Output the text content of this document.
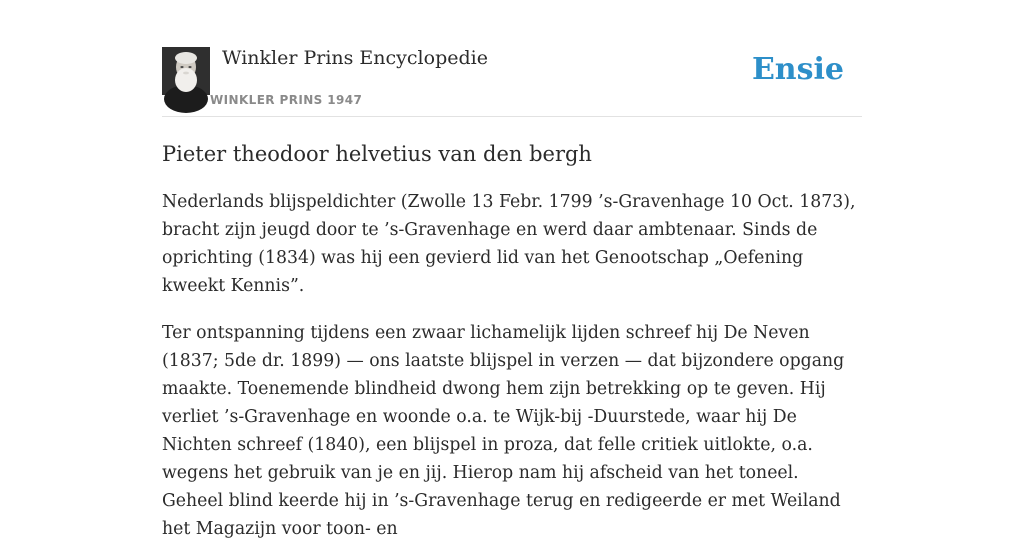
Winkler Prins Encyclopedie
WINKLER PRINS 1947
Ensie
Pieter theodoor helvetius van den bergh

Nederlands blijspeldichter (Zwolle 13 Febr. 1799 ’s-Gravenhage 10 Oct. 1873), bracht zijn jeugd door te ’s-Gravenhage en werd daar ambtenaar. Sinds de oprichting (1834) was hij een gevierd lid van het Genootschap „Oefening kweekt Kennis”.

Ter ontspanning tijdens een zwaar lichamelijk lijden schreef hij De Neven (1837; 5de dr. 1899) — ons laatste blijspel in verzen — dat bijzondere opgang maakte. Toenemende blindheid dwong hem zijn betrekking op te geven. Hij verliet ’s-Gravenhage en woonde o.a. te Wijk-bij -Duurstede, waar hij De Nichten schreef (1840), een blijspel in proza, dat felle critiek uitlokte, o.a. wegens het gebruik van je en jij. Hierop nam hij afscheid van het toneel. Geheel blind keerde hij in ’s-Gravenhage terug en redigeerde er met Weiland het Magazijn voor toon- en
